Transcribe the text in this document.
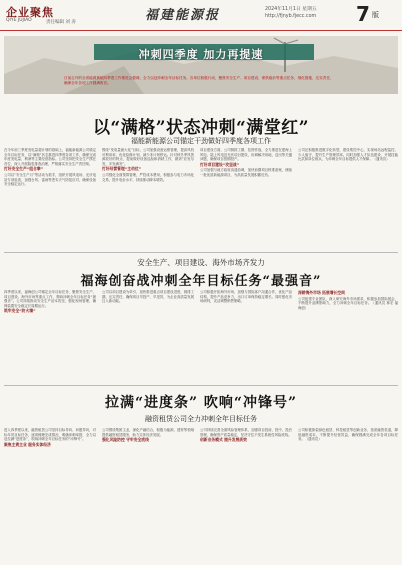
企业聚焦
QIYE JUJIAO	责任编辑 刘 涛	福建能源报	2024年11月1日 星期五
http://fjnyb.fjecc.com 7 版
冲刺四季度 加力再提速
日前召开的全省能源系统四季度工作推进会强调，全力以赴冲刺全年目标任务。各单位积极行动，聚焦安全生产、项目建设、保供稳价等重点任务，细化措施、压实责任，确保全年各项工作圆满收官。
以“满格”状态冲刺“满堂红”
福能新能源公司锚定干劲做好四季度各项工作
在今年前三季度发电量超计划的基础上，福能新能源公司锚定全年目标任务，以“满格”状态推进四季度各项工作，确保完成年度发电量、利润等主要经营指标。公司坚持把安全生产摆在首位，深入开展隐患排查治理，严格落实安全生产责任制。
打好安全生产“组合拳”
公司以“安全生产月”等活动为抓手，组织开展风电场、光伏电站专项检查，加强台风、雷雨等恶劣天气防范应对，确保设备安全稳定运行。
围绕“发电量最大化”目标，公司加强设备运维管理，提高风机可利用率，优化检修计划，减少非计划停运。针对秋冬季风资源较好的特点，提前做好设备巡检和消缺工作，做到“应发尽发、多发满发”。
打好经营管理“主动仗”
公司强化全面预算管理，严控成本费用，积极参与电力市场化交易，提升电价水平，持续推动降本增效。
项目建设方面，公司倒排工期、挂图作战，全力推进在建海上风电、陆上风电及光伏项目建设，协调解决用地、送出等关键问题，确保项目按期投产。
打好项目建设“攻坚战”
公司加强与地方政府沟通协调，加快前期项目核准备案，储备一批优质新能源项目，为高质量发展积蓄后劲。
公司还积极推进数字化转型，建设集控中心，实现场站远程监控、少人值守，提升生产管理效率。同时加强人才队伍建设，开展技能比武和岗位练兵，为冲刺全年目标提供人才保障。（通讯员）
安全生产、项目建设、海外市场齐发力
福海创奋战冲刺全年目标任务“最强音”
四季度以来，福海创公司锚定全年目标任务，聚焦安全生产、项目建设、海外市场等重点工作，奏响冲刺全年目标任务“最强音”。公司持续推动安全生产治本攻坚，强化现场管理，确保装置安全稳定长周期运行。
筑牢安全“防火墙”
公司以项目建设为牵引，加快推进重点项目建设进度，倒排工期、压实责任，确保项目早投产、早见效，为企业高质量发展注入新动能。
公司积极开拓海外市场，加强与国际客户沟通合作，优化产品结构，提升产品竞争力，出口订单保持稳定增长。同时强化市场研判，灵活调整销售策略。
深耕海外市场 拓展增长空间
公司组建专业团队，深入研究海外市场需求，积极参加国际展会，不断提升品牌影响力，全力冲刺全年目标任务。（通讯员 林宏 福海创）
拉满“进度条” 吹响“冲锋号”
融资租赁公司全力冲刺全年目标任务
进入四季度以来，融资租赁公司坚持目标导向、问题导向，对标年初目标任务，逐项梳理完成情况，明确冲刺举措，全力以赴拉满“进度条”，吹响冲刺全年目标任务的“冲锋号”。
聚焦主责主业 服务实体经济
公司围绕集团主业，深化产融结合，积极为能源、建材等领域提供融资租赁服务，助力实体经济发展。
强化风险防控 守牢安全底线
公司持续完善全面风险管理体系，加强项目投前、投中、投后管理，确保资产质量稳定，坚决守住不发生系统性风险底线。
创新业务模式 提升发展质效
公司积极探索绿色租赁、科技租赁等创新业务，拓宽融资渠道，降低融资成本，不断提升经营效益，确保圆满完成全年各项目标任务。（通讯员）
